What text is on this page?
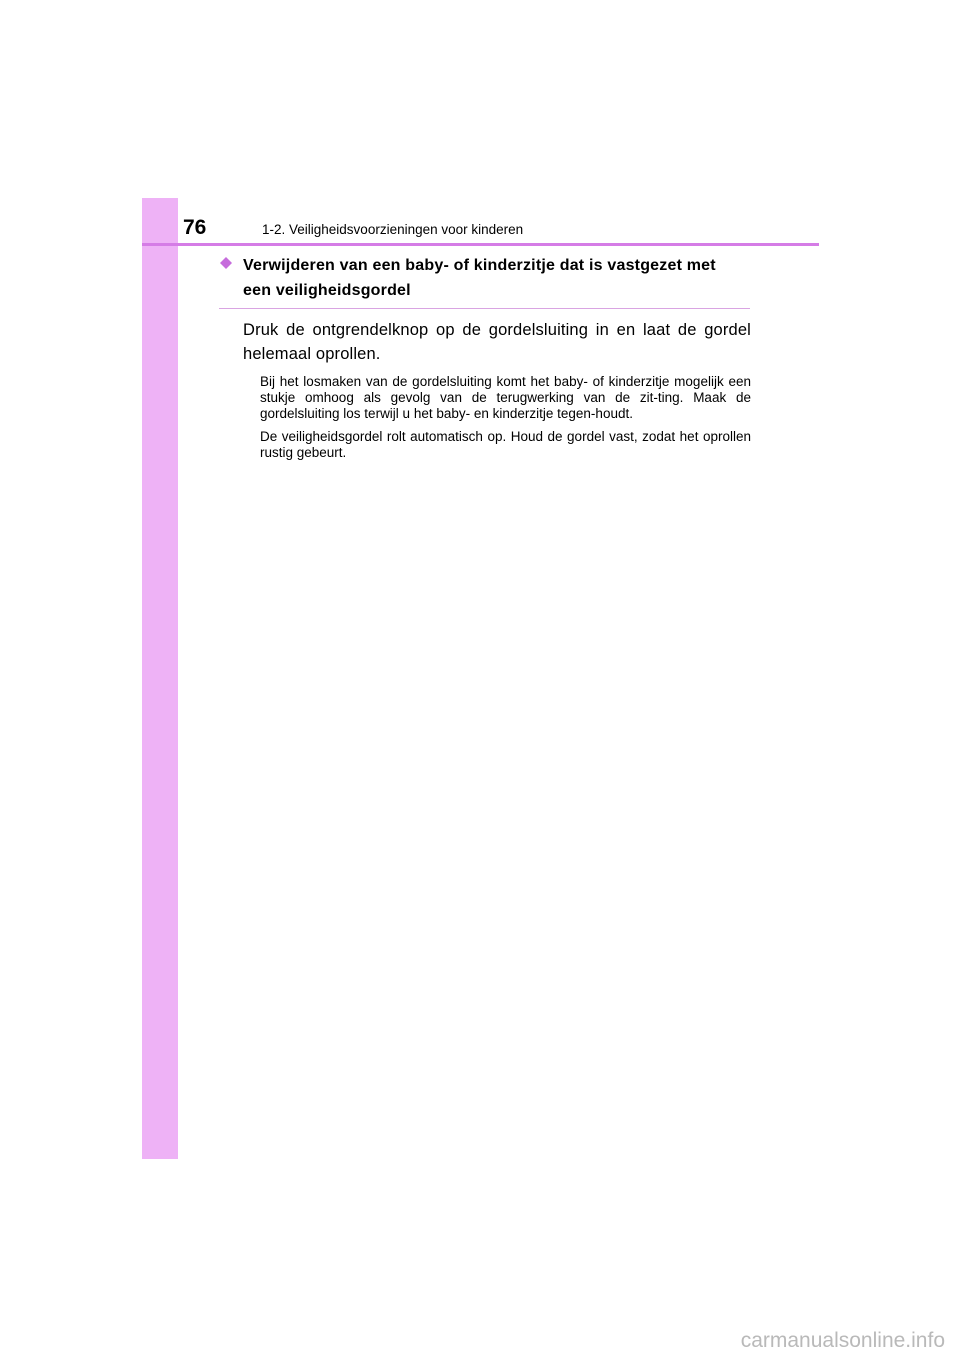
76	1-2. Veiligheidsvoorzieningen voor kinderen

Verwijderen van een baby- of kinderzitje dat is vastgezet met
een veiligheidsgordel

Druk de ontgrendelknop op de gordelsluiting in en laat de gordel helemaal oprollen.

Bij het losmaken van de gordelsluiting komt het baby- of kinderzitje mogelijk een stukje omhoog als gevolg van de terugwerking van de zit-ting. Maak de gordelsluiting los terwijl u het baby- en kinderzitje tegen-houdt.

De veiligheidsgordel rolt automatisch op. Houd de gordel vast, zodat het oprollen rustig gebeurt.

carmanualsonline.info
